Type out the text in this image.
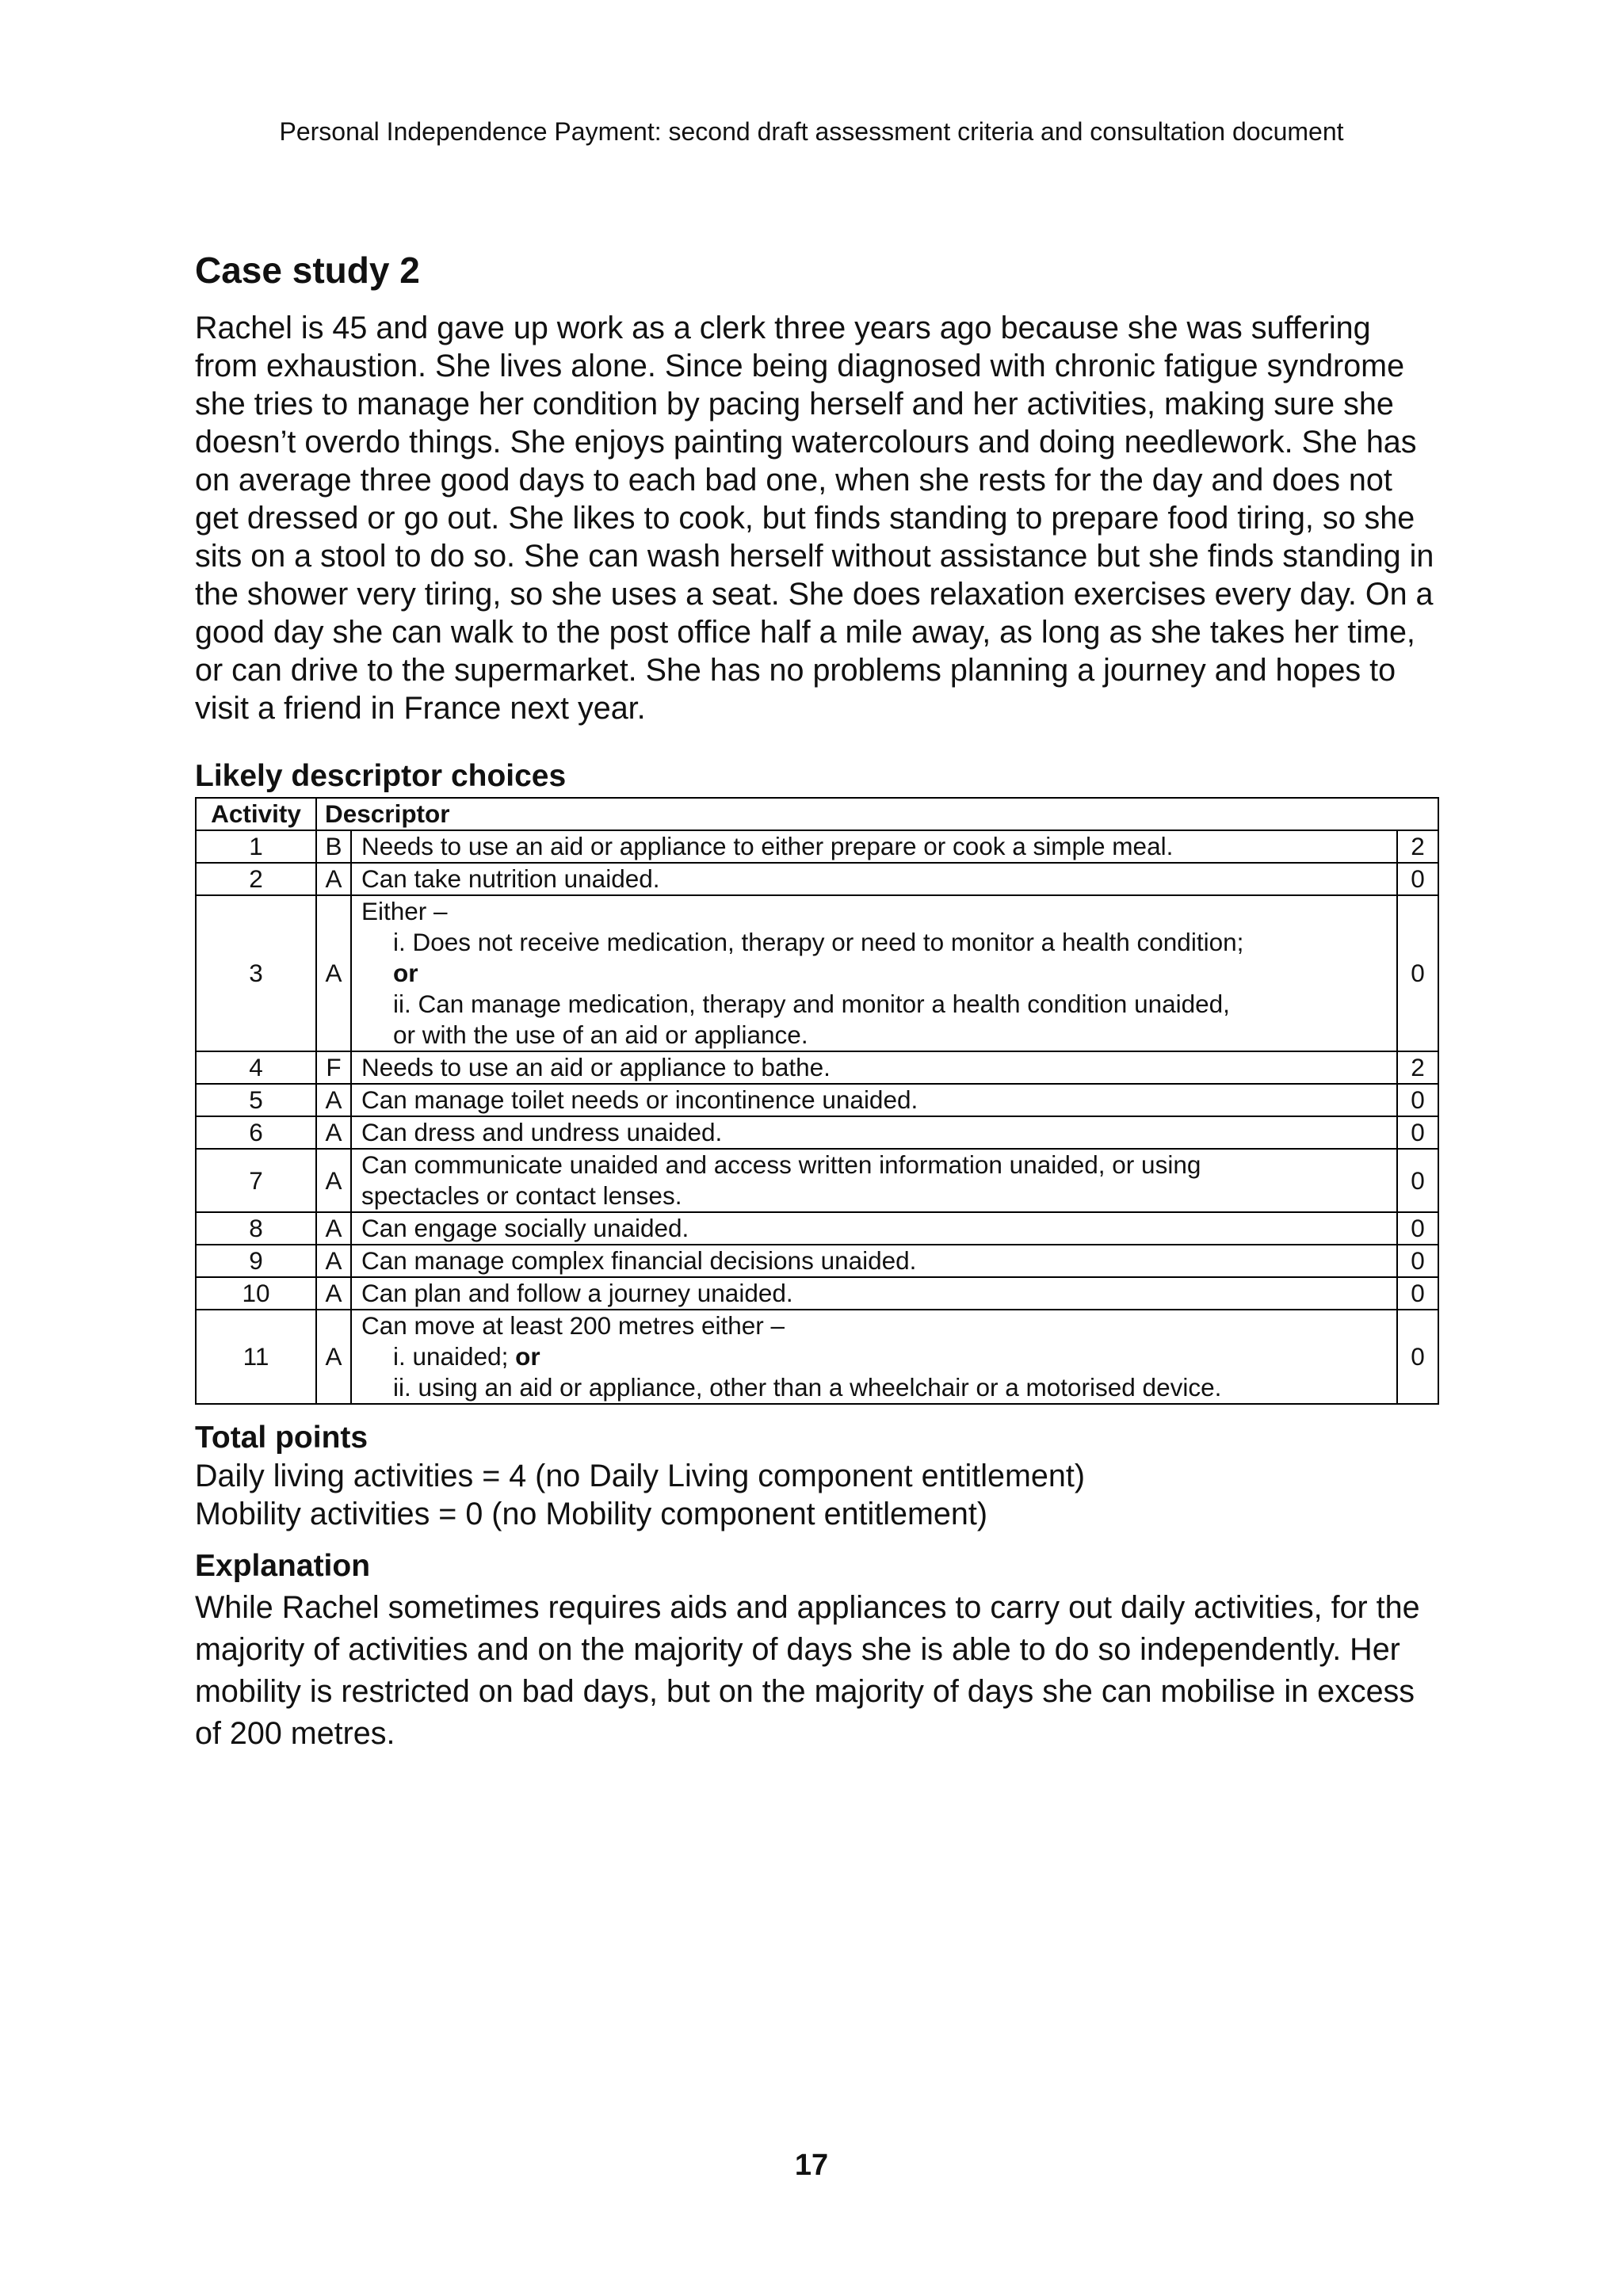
Personal Independence Payment: second draft assessment criteria and consultation document
Case study 2

Rachel is 45 and gave up work as a clerk three years ago because she was suffering from exhaustion. She lives alone. Since being diagnosed with chronic fatigue syndrome she tries to manage her condition by pacing herself and her activities, making sure she doesn’t overdo things. She enjoys painting watercolours and doing needlework. She has on average three good days to each bad one, when she rests for the day and does not get dressed or go out. She likes to cook, but finds standing to prepare food tiring, so she sits on a stool to do so. She can wash herself without assistance but she finds standing in the shower very tiring, so she uses a seat. She does relaxation exercises every day. On a good day she can walk to the post office half a mile away, as long as she takes her time, or can drive to the supermarket. She has no problems planning a journey and hopes to visit a friend in France next year.

Likely descriptor choices
Activity	Descriptor		
1	B	Needs to use an aid or appliance to either prepare or cook a simple meal.	2
2	A	Can take nutrition unaided.	0
3	A	Either –
i. Does not receive medication, therapy or need to monitor a health condition;
or
ii. Can manage medication, therapy and monitor a health condition unaided,
or with the use of an aid or appliance.	0
4	F	Needs to use an aid or appliance to bathe.	2
5	A	Can manage toilet needs or incontinence unaided.	0
6	A	Can dress and undress unaided.	0
7	A	Can communicate unaided and access written information unaided, or using
spectacles or contact lenses.	0
8	A	Can engage socially unaided.	0
9	A	Can manage complex financial decisions unaided.	0
10	A	Can plan and follow a journey unaided.	0
11	A	Can move at least 200 metres either –
i. unaided; or
ii. using an aid or appliance, other than a wheelchair or a motorised device.	0
Total points

Daily living activities = 4 (no Daily Living component entitlement)

Mobility activities = 0 (no Mobility component entitlement)

Explanation

While Rachel sometimes requires aids and appliances to carry out daily activities, for the majority of activities and on the majority of days she is able to do so independently. Her mobility is restricted on bad days, but on the majority of days she can mobilise in excess of 200 metres.

17
